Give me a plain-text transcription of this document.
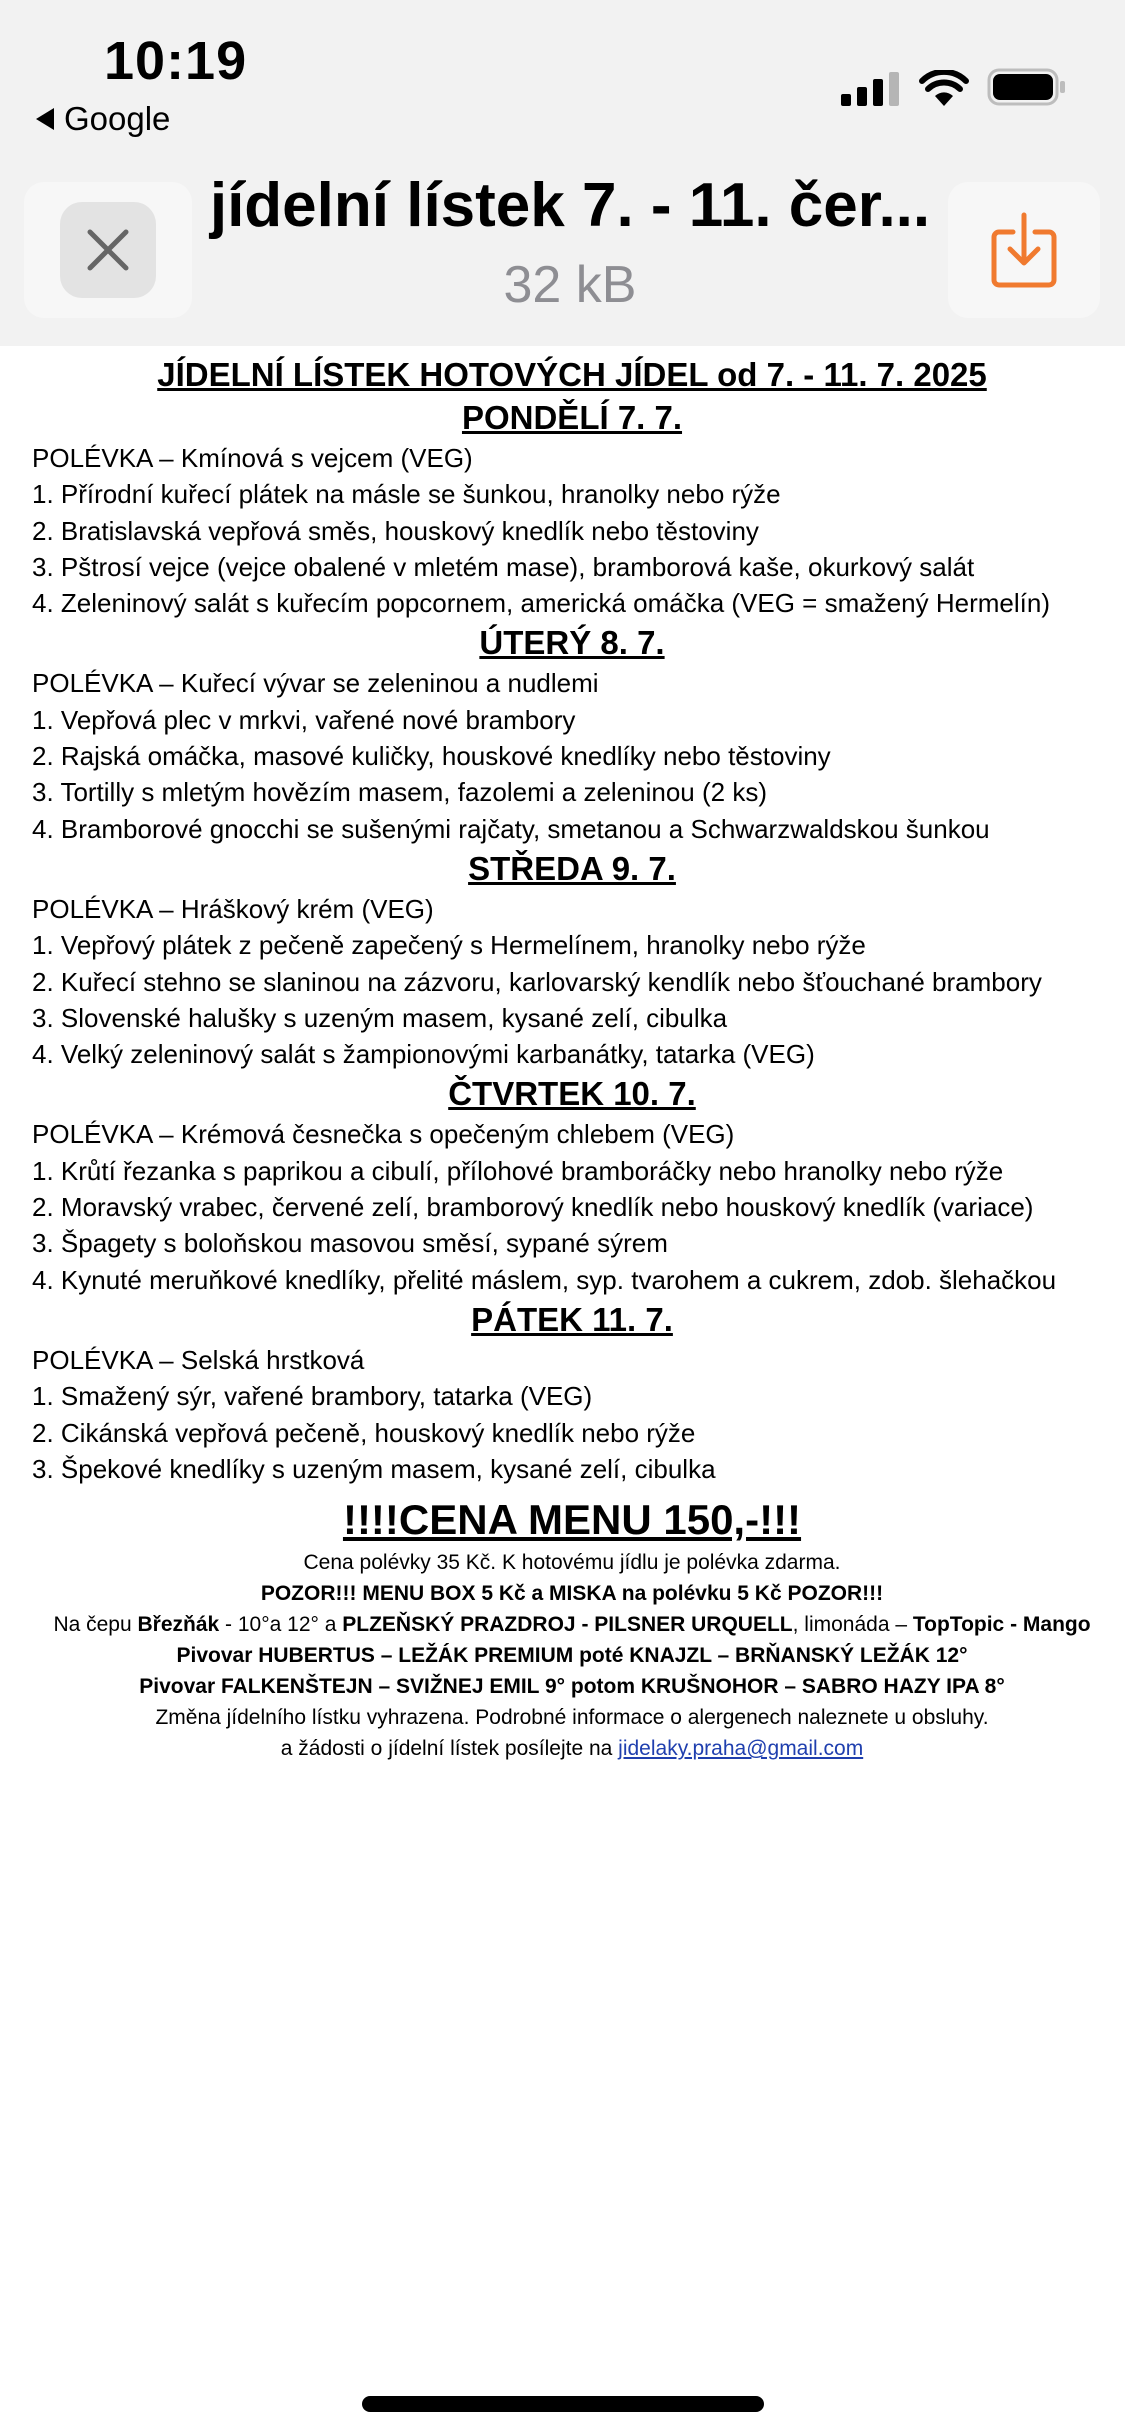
10:19
Google
jídelní lístek 7. - 11. čer...
32 kB
JÍDELNÍ LÍSTEK HOTOVÝCH JÍDEL od 7. - 11. 7. 2025
PONDĚLÍ 7. 7.
POLÉVKA – Kmínová s vejcem (VEG)
1. Přírodní kuřecí plátek na másle se šunkou, hranolky nebo rýže
2. Bratislavská vepřová směs, houskový knedlík nebo těstoviny
3. Pštrosí vejce (vejce obalené v mletém mase), bramborová kaše, okurkový salát
4. Zeleninový salát s kuřecím popcornem, americká omáčka (VEG = smažený Hermelín)
ÚTERÝ 8. 7.
POLÉVKA – Kuřecí vývar se zeleninou a nudlemi
1. Vepřová plec v mrkvi, vařené nové brambory
2. Rajská omáčka, masové kuličky, houskové knedlíky nebo těstoviny
3. Tortilly s mletým hovězím masem, fazolemi a zeleninou (2 ks)
4. Bramborové gnocchi se sušenými rajčaty, smetanou a Schwarzwaldskou šunkou
STŘEDA 9. 7.
POLÉVKA – Hráškový krém (VEG)
1. Vepřový plátek z pečeně zapečený s Hermelínem, hranolky nebo rýže
2. Kuřecí stehno se slaninou na zázvoru, karlovarský kendlík nebo šťouchané brambory
3. Slovenské halušky s uzeným masem, kysané zelí, cibulka
4. Velký zeleninový salát s žampionovými karbanátky, tatarka (VEG)
ČTVRTEK 10. 7.
POLÉVKA – Krémová česnečka s opečeným chlebem (VEG)
1. Krůtí řezanka s paprikou a cibulí, přílohové bramboráčky nebo hranolky nebo rýže
2. Moravský vrabec, červené zelí, bramborový knedlík nebo houskový knedlík (variace)
3. Špagety s boloňskou masovou směsí, sypané sýrem
4. Kynuté meruňkové knedlíky, přelité máslem, syp. tvarohem a cukrem, zdob. šlehačkou
PÁTEK 11. 7.
POLÉVKA – Selská hrstková
1. Smažený sýr, vařené brambory, tatarka (VEG)
2. Cikánská vepřová pečeně, houskový knedlík nebo rýže
3. Špekové knedlíky s uzeným masem, kysané zelí, cibulka
!!!!CENA MENU 150,-!!!
Cena polévky 35 Kč. K hotovému jídlu je polévka zdarma.
POZOR!!! MENU BOX 5 Kč a MISKA na polévku 5 Kč POZOR!!!
Na čepu Březňák - 10°a 12° a PLZEŇSKÝ PRAZDROJ - PILSNER URQUELL, limonáda – TopTopic - Mango
Pivovar HUBERTUS – LEŽÁK PREMIUM poté KNAJZL – BRŇANSKÝ LEŽÁK 12°
Pivovar FALKENŠTEJN – SVIŽNEJ EMIL 9° potom KRUŠNOHOR – SABRO HAZY IPA 8°
Změna jídelního lístku vyhrazena. Podrobné informace o alergenech naleznete u obsluhy.
a žádosti o jídelní lístek posílejte na jidelaky.praha@gmail.com
